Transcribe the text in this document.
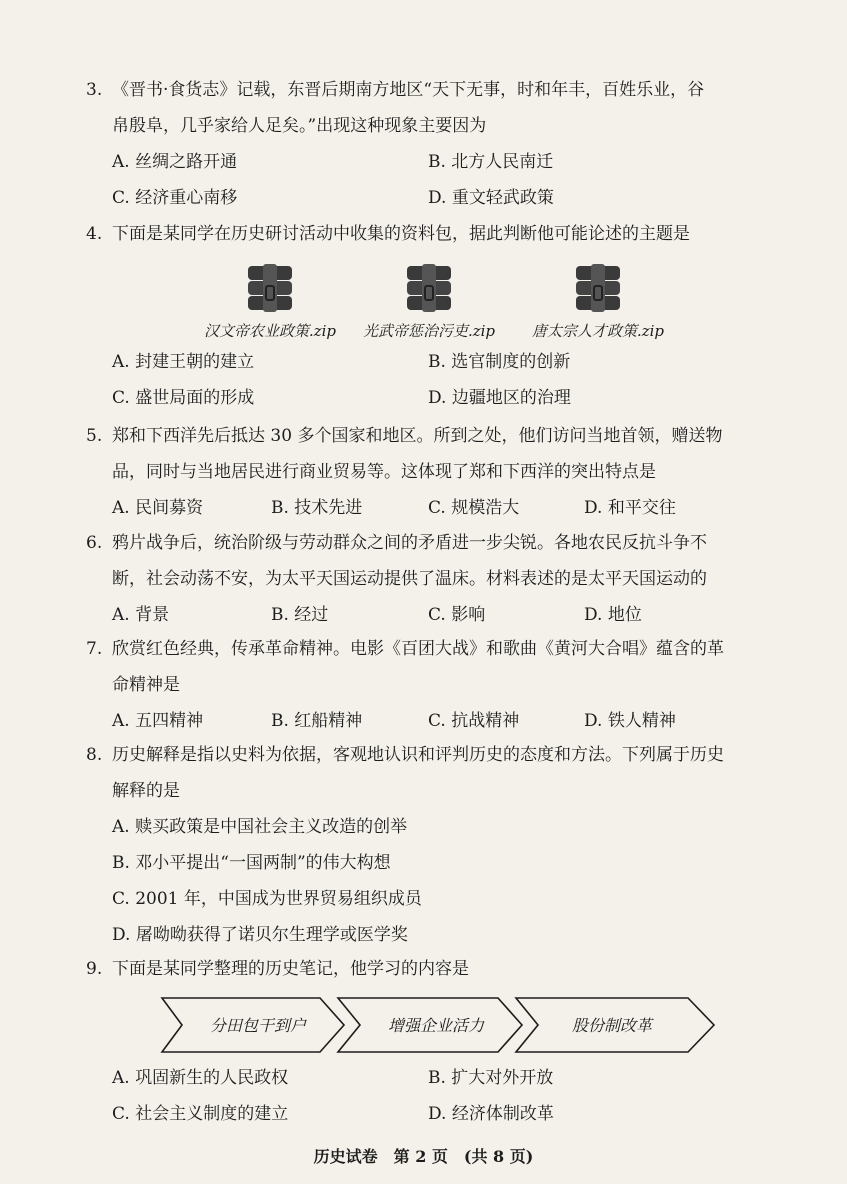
3. 《晋书·食货志》记载，东晋后期南方地区“天下无事，时和年丰，百姓乐业，谷
帛殷阜，几乎家给人足矣。”出现这种现象主要因为
A. 丝绸之路开通	B. 北方人民南迁
C. 经济重心南移	D. 重文轻武政策
4. 下面是某同学在历史研讨活动中收集的资料包，据此判断他可能论述的主题是
汉文帝农业政策.zip	光武帝惩治污吏.zip	唐太宗人才政策.zip
A. 封建王朝的建立	B. 选官制度的创新
C. 盛世局面的形成	D. 边疆地区的治理
5. 郑和下西洋先后抵达 30 多个国家和地区。所到之处，他们访问当地首领，赠送物
品，同时与当地居民进行商业贸易等。这体现了郑和下西洋的突出特点是
A. 民间募资	B. 技术先进	C. 规模浩大	D. 和平交往
6. 鸦片战争后，统治阶级与劳动群众之间的矛盾进一步尖锐。各地农民反抗斗争不
断，社会动荡不安，为太平天国运动提供了温床。材料表述的是太平天国运动的
A. 背景	B. 经过	C. 影响	D. 地位
7. 欣赏红色经典，传承革命精神。电影《百团大战》和歌曲《黄河大合唱》蕴含的革
命精神是
A. 五四精神	B. 红船精神	C. 抗战精神	D. 铁人精神
8. 历史解释是指以史料为依据，客观地认识和评判历史的态度和方法。下列属于历史
解释的是
A. 赎买政策是中国社会主义改造的创举
B. 邓小平提出“一国两制”的伟大构想
C. 2001 年，中国成为世界贸易组织成员
D. 屠呦呦获得了诺贝尔生理学或医学奖
9. 下面是某同学整理的历史笔记，他学习的内容是
分田包干到户	增强企业活力	股份制改革
A. 巩固新生的人民政权	B. 扩大对外开放
C. 社会主义制度的建立	D. 经济体制改革
历史试卷　第 2 页　(共 8 页)
